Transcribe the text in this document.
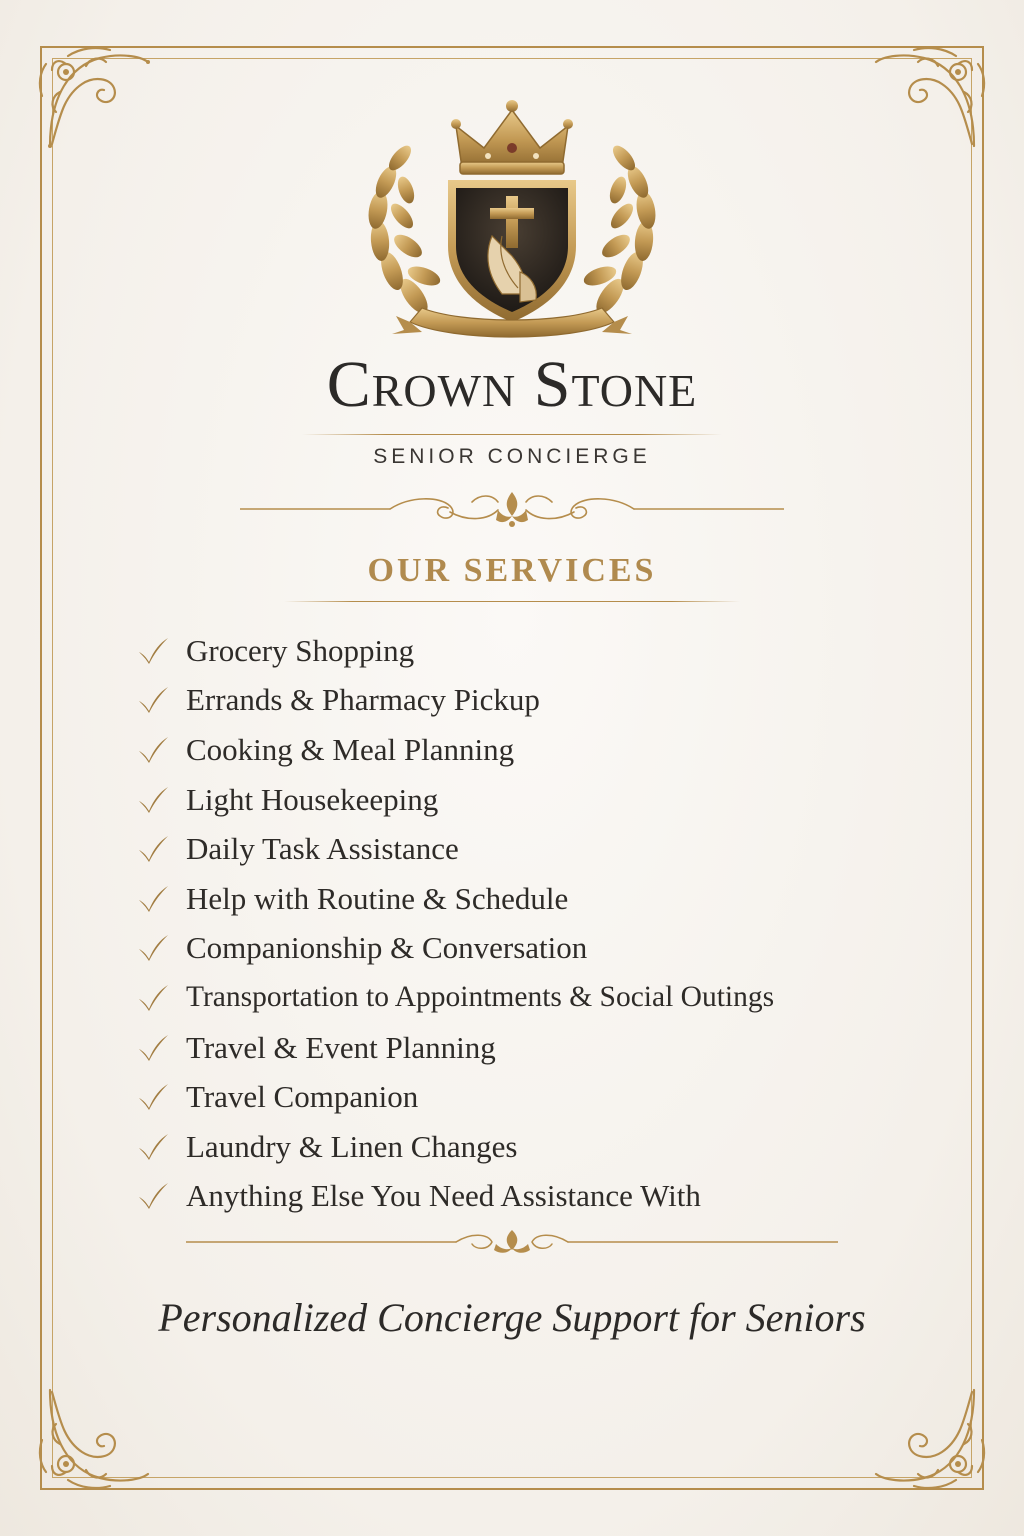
Crown Stone
SENIOR CONCIERGE
OUR SERVICES
Grocery Shopping
Errands & Pharmacy Pickup
Cooking & Meal Planning
Light Housekeeping
Daily Task Assistance
Help with Routine & Schedule
Companionship & Conversation
Transportation to Appointments & Social Outings
Travel & Event Planning
Travel Companion
Laundry & Linen Changes
Anything Else You Need Assistance With
Personalized Concierge Support for Seniors
